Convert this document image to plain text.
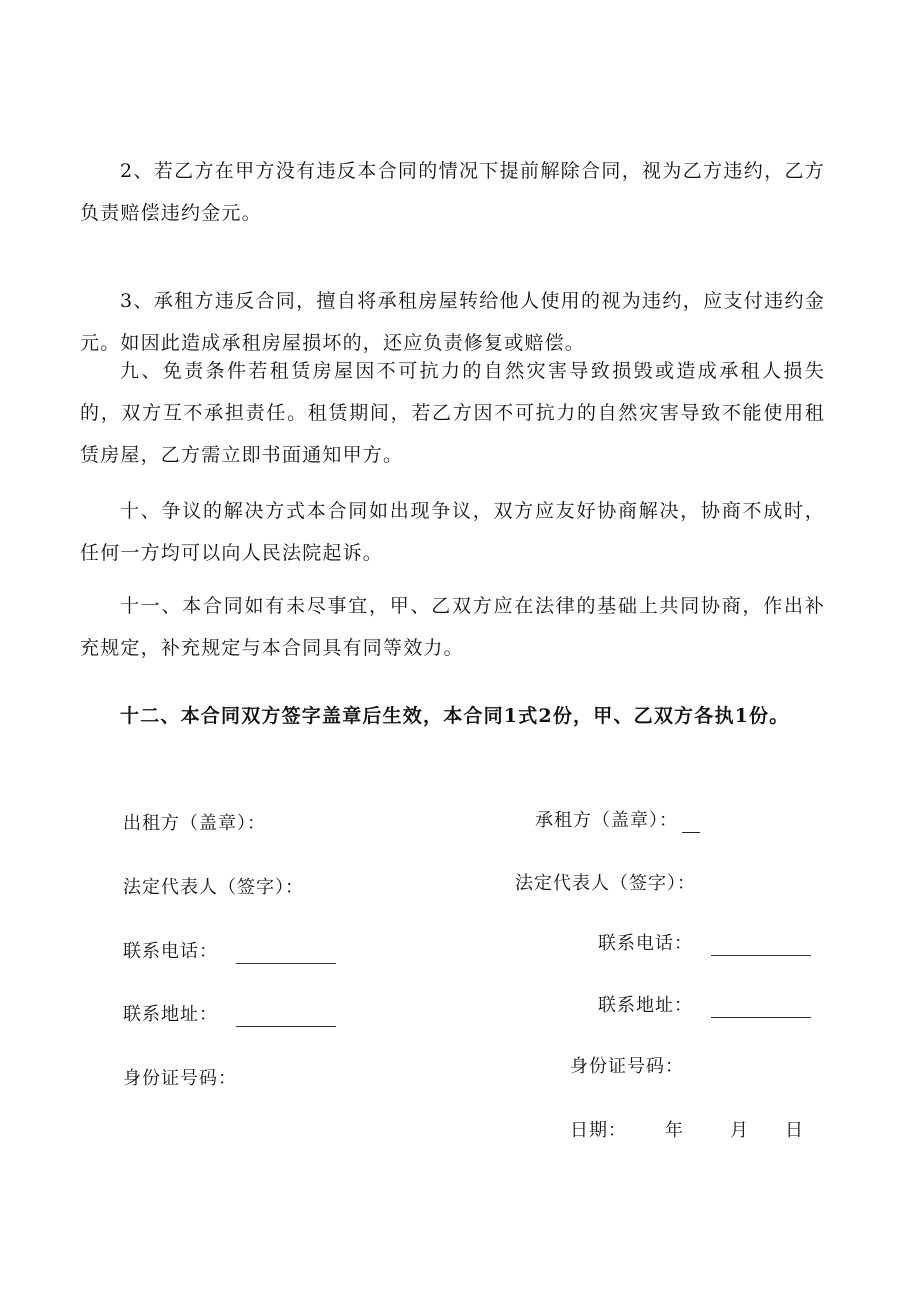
2、若乙方在甲方没有违反本合同的情况下提前解除合同，视为乙方违约，乙方负责赔偿违约金元。

3、承租方违反合同，擅自将承租房屋转给他人使用的视为违约，应支付违约金元。如因此造成承租房屋损坏的，还应负责修复或赔偿。

九、免责条件若租赁房屋因不可抗力的自然灾害导致损毁或造成承租人损失的，双方互不承担责任。租赁期间，若乙方因不可抗力的自然灾害导致不能使用租赁房屋，乙方需立即书面通知甲方。

十、争议的解决方式本合同如出现争议，双方应友好协商解决，协商不成时，任何一方均可以向人民法院起诉。

十一、本合同如有未尽事宜，甲、乙双方应在法律的基础上共同协商，作出补充规定，补充规定与本合同具有同等效力。

十二、本合同双方签字盖章后生效，本合同1式2份，甲、乙双方各执1份。

出租方（盖章）：
法定代表人（签字）：
联系电话：
联系地址：
身份证号码：
承租方（盖章）：
法定代表人（签字）：
联系电话：
联系地址：
身份证号码：
日期： 年	月 日
